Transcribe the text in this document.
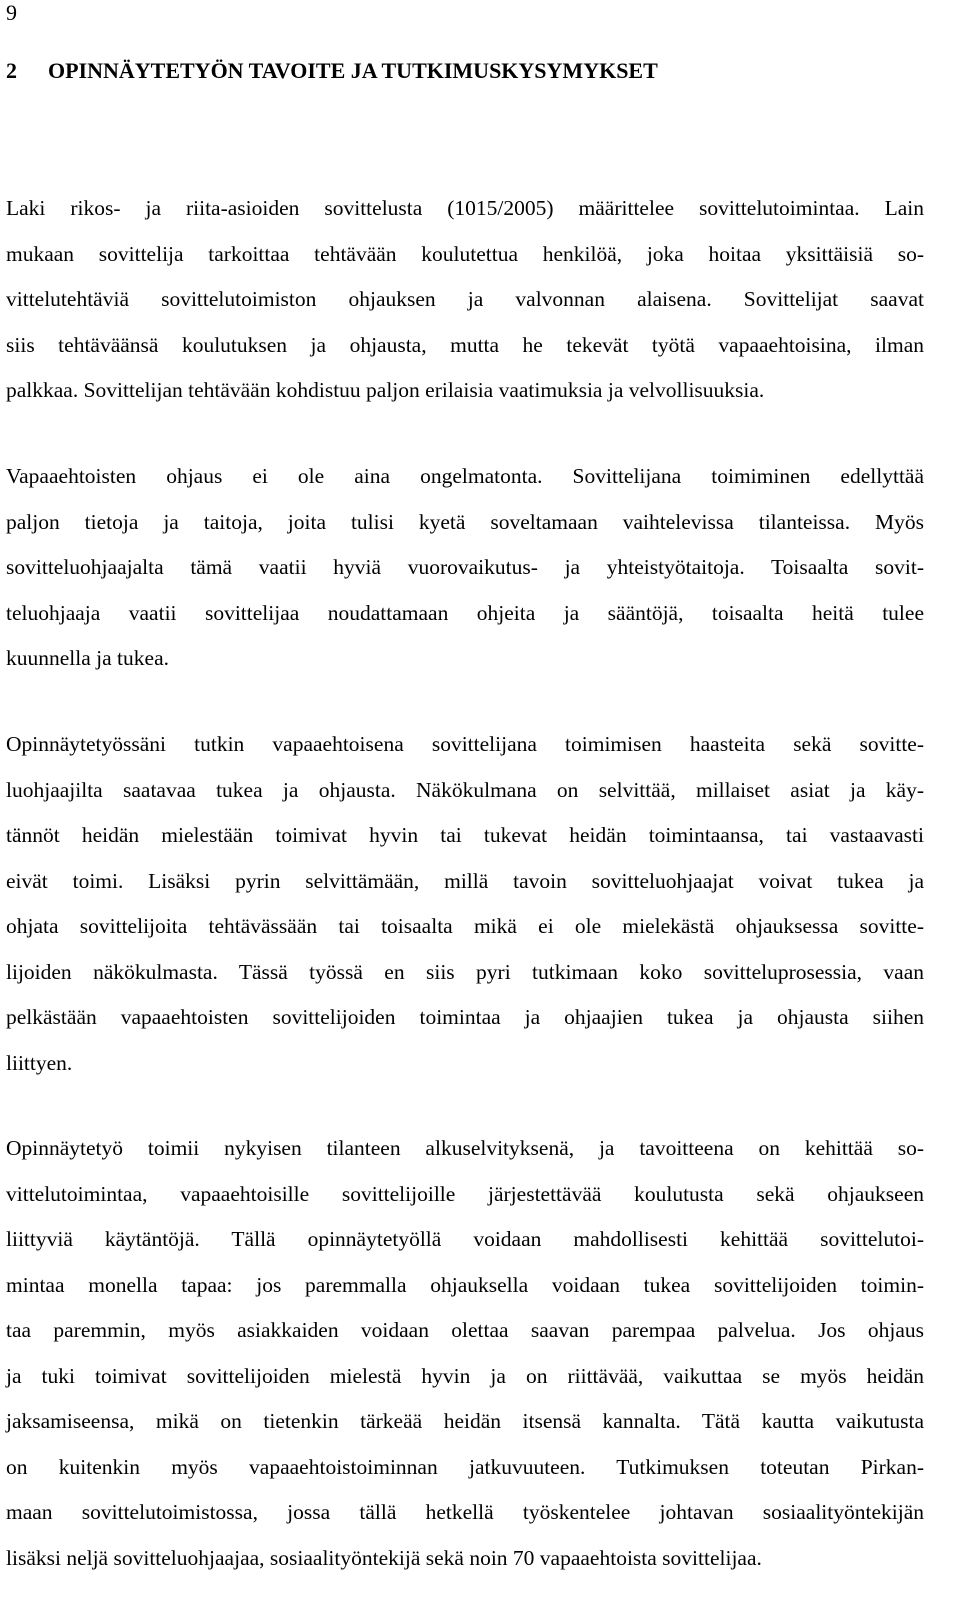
9
2 OPINNÄYTETYÖN TAVOITE JA TUTKIMUSKYSYMYKSET
Laki rikos- ja riita-asioiden sovittelusta (1015/2005) määrittelee sovittelutoimintaa. Lain
mukaan sovittelija tarkoittaa tehtävään koulutettua henkilöä, joka hoitaa yksittäisiä so-
vittelutehtäviä sovittelutoimiston ohjauksen ja valvonnan alaisena. Sovittelijat saavat
siis tehtäväänsä koulutuksen ja ohjausta, mutta he tekevät työtä vapaaehtoisina, ilman
palkkaa. Sovittelijan tehtävään kohdistuu paljon erilaisia vaatimuksia ja velvollisuuksia.
Vapaaehtoisten ohjaus ei ole aina ongelmatonta. Sovittelijana toimiminen edellyttää
paljon tietoja ja taitoja, joita tulisi kyetä soveltamaan vaihtelevissa tilanteissa. Myös
sovitteluohjaajalta tämä vaatii hyviä vuorovaikutus- ja yhteistyötaitoja. Toisaalta sovit-
teluohjaaja vaatii sovittelijaa noudattamaan ohjeita ja sääntöjä, toisaalta heitä tulee
kuunnella ja tukea.
Opinnäytetyössäni tutkin vapaaehtoisena sovittelijana toimimisen haasteita sekä sovitte-
luohjaajilta saatavaa tukea ja ohjausta. Näkökulmana on selvittää, millaiset asiat ja käy-
tännöt heidän mielestään toimivat hyvin tai tukevat heidän toimintaansa, tai vastaavasti
eivät toimi. Lisäksi pyrin selvittämään, millä tavoin sovitteluohjaajat voivat tukea ja
ohjata sovittelijoita tehtävässään tai toisaalta mikä ei ole mielekästä ohjauksessa sovitte-
lijoiden näkökulmasta. Tässä työssä en siis pyri tutkimaan koko sovitteluprosessia, vaan
pelkästään vapaaehtoisten sovittelijoiden toimintaa ja ohjaajien tukea ja ohjausta siihen
liittyen.
Opinnäytetyö toimii nykyisen tilanteen alkuselvityksenä, ja tavoitteena on kehittää so-
vittelutoimintaa, vapaaehtoisille sovittelijoille järjestettävää koulutusta sekä ohjaukseen
liittyviä käytäntöjä. Tällä opinnäytetyöllä voidaan mahdollisesti kehittää sovittelutoi-
mintaa monella tapaa: jos paremmalla ohjauksella voidaan tukea sovittelijoiden toimin-
taa paremmin, myös asiakkaiden voidaan olettaa saavan parempaa palvelua. Jos ohjaus
ja tuki toimivat sovittelijoiden mielestä hyvin ja on riittävää, vaikuttaa se myös heidän
jaksamiseensa, mikä on tietenkin tärkeää heidän itsensä kannalta. Tätä kautta vaikutusta
on kuitenkin myös vapaaehtoistoiminnan jatkuvuuteen. Tutkimuksen toteutan Pirkan-
maan sovittelutoimistossa, jossa tällä hetkellä työskentelee johtavan sosiaalityöntekijän
lisäksi neljä sovitteluohjaajaa, sosiaalityöntekijä sekä noin 70 vapaaehtoista sovittelijaa.
